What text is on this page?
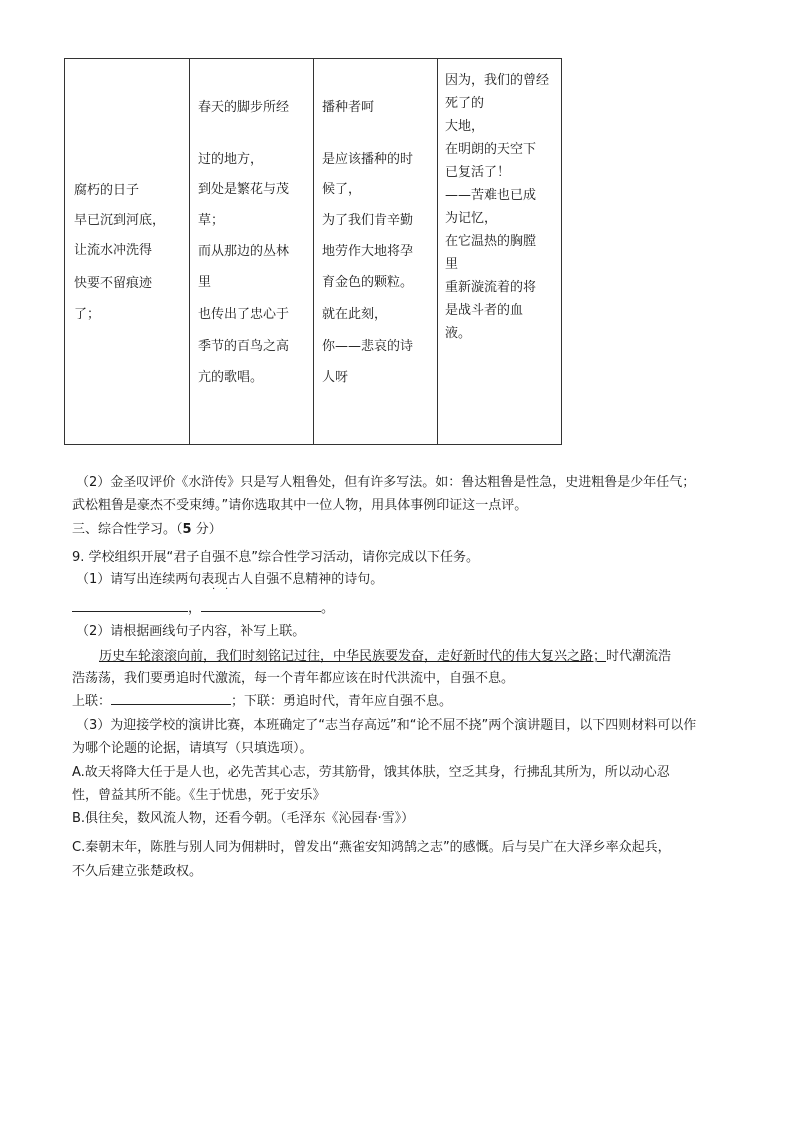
腐朽的日子
早已沉到河底，
让流水冲洗得
快要不留痕迹
了；

春天的脚步所经
过的地方，
到处是繁花与茂
草；
而从那边的丛林
里
也传出了忠心于
季节的百鸟之高
亢的歌唱。

播种者呵
是应该播种的时
候了，
为了我们肯辛勤
地劳作大地将孕
育金色的颗粒。
就在此刻，
你——悲哀的诗
人呀

因为，我们的曾经
死了的
大地，
在明朗的天空下
已复活了！
——苦难也已成
为记忆，
在它温热的胸膛
里
重新漩流着的将
是战斗者的血
液。
（2）金圣叹评价《水浒传》只是写人粗鲁处，但有许多写法。如：鲁达粗鲁是性急，史进粗鲁是少年任气；
武松粗鲁是豪杰不受束缚。”请你选取其中一位人物，用具体事例印证这一点评。
三、综合性学习。（5 分）
9. 学校组织开展“君子自强不息”综合性学习活动，请你完成以下任务。
（1）请写出连续两句表现古人自强不息精神的诗句。
· ·
，	。
（2）请根据画线句子内容，补写上联。
历史车轮滚滚向前，我们时刻铭记过往，中华民族要发奋，走好新时代的伟大复兴之路；时代潮流浩
浩荡荡，我们要勇追时代激流，每一个青年都应该在时代洪流中，自强不息。
上联：	；下联：勇追时代，青年应自强不息。
（3）为迎接学校的演讲比赛，本班确定了“志当存高远”和“论不屈不挠”两个演讲题目，以下四则材料可以作
为哪个论题的论据，请填写（只填选项）。
A.故天将降大任于是人也，必先苦其心志，劳其筋骨，饿其体肤，空乏其身，行拂乱其所为，所以动心忍
性，曾益其所不能。《生于忧患，死于安乐》
B.俱往矣，数风流人物，还看今朝。（毛泽东《沁园春·雪》）
C.秦朝末年，陈胜与别人同为佣耕时，曾发出“燕雀安知鸿鹄之志”的感慨。后与吴广在大泽乡率众起兵，
不久后建立张楚政权。
